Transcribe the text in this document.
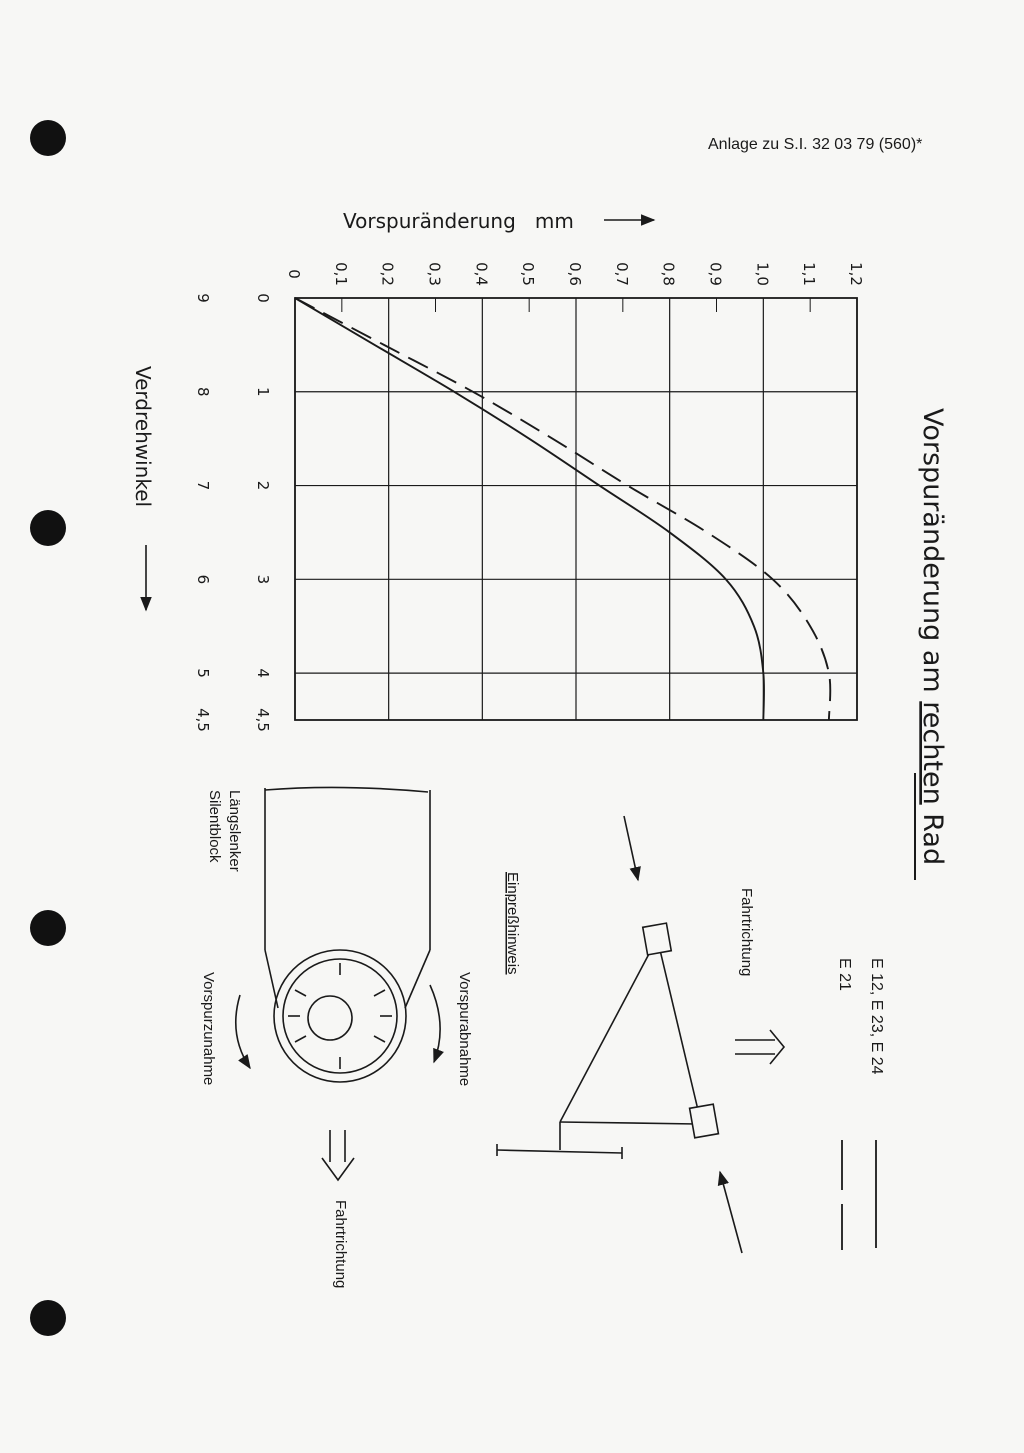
Anlage zu S.I. 32 03 79 (560)*
Vorspuränderung am rechten Rad
E 12, E 23, E 24
E 21
0 0,1 0,2 0,3 0,4 0,5 0,6 0,7 0,8 0,9 1,0 1,1 1,2
0
1
2
3
4
4,5
9
8
7
6
5
4,5
Vorspuränderung   mm
Verdrehwinkel
Fahrtrichtung
Einpreßhinweis
Längslenker
Silentblock
Vorspurabnahme
Vorspurzunahme
Fahrtrichtung
